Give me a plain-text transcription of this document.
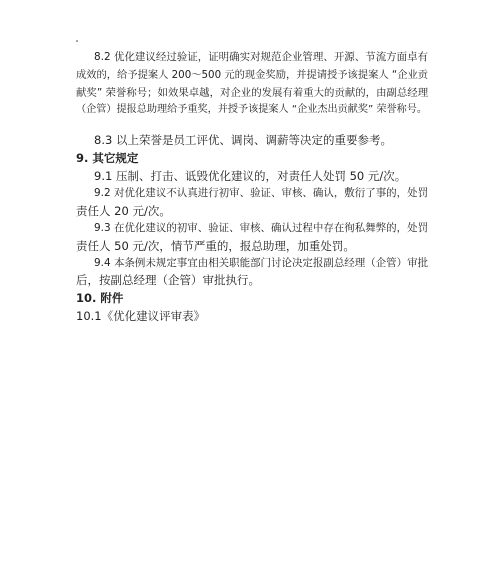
8.2 优化建议经过验证，证明确实对规范企业管理、开源、节流方面卓有
成效的，给予提案人 200～500 元的现金奖励，并提请授予该提案人 “企业贡
献奖” 荣誉称号；如效果卓越，对企业的发展有着重大的贡献的，由副总经理
（企管）提报总助理给予重奖，并授予该提案人 “企业杰出贡献奖” 荣誉称号。
8.3 以上荣誉是员工评优、调岗、调薪等决定的重要参考。
9. 其它规定
9.1 压制、打击、诋毁优化建议的，对责任人处罚 50 元/次。
9.2 对优化建议不认真进行初审、验证、审核、确认，敷衍了事的，处罚
责任人 20 元/次。
9.3 在优化建议的初审、验证、审核、确认过程中存在徇私舞弊的，处罚
责任人 50 元/次，情节严重的，报总助理，加重处罚。
9.4 本条例未规定事宜由相关职能部门讨论决定报副总经理（企管）审批
后，按副总经理（企管）审批执行。
10. 附件
10.1《优化建议评审表》
